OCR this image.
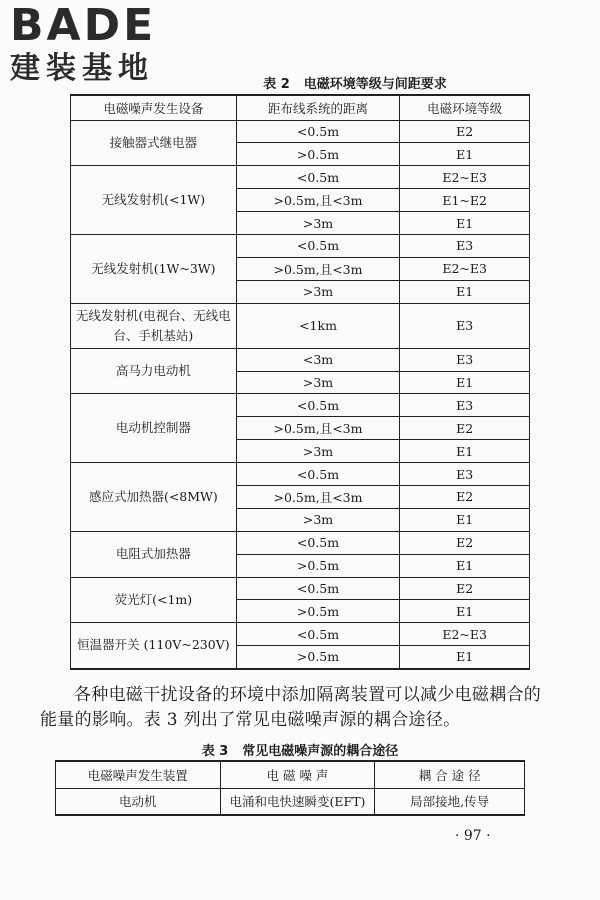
BADE
建装基地	表 2 电磁环境等级与间距要求
电磁噪声发生设备	距布线系统的距离	电磁环境等级
接触器式继电器	<0.5m	E2
	>0.5m	E1
无线发射机(<1W)	<0.5m	E2~E3
	>0.5m,且<3m	E1~E2
	>3m	E1
无线发射机(1W~3W)	<0.5m	E3
	>0.5m,且<3m	E2~E3
	>3m	E1
无线发射机(电视台、无线电台、手机基站)	<1km	E3
高马力电动机	<3m	E3
	>3m	E1
电动机控制器	<0.5m	E3
	>0.5m,且<3m	E2
	>3m	E1
感应式加热器(<8MW)	<0.5m	E3
	>0.5m,且<3m	E2
	>3m	E1
电阻式加热器	<0.5m	E2
	>0.5m	E1
荧光灯(<1m)	<0.5m	E2
	>0.5m	E1
恒温器开关 (110V~230V)	<0.5m	E2~E3
	>0.5m	E1
各种电磁干扰设备的环境中添加隔离装置可以减少电磁耦合的能量的影响。表 3 列出了常见电磁噪声源的耦合途径。
表 3 常见电磁噪声源的耦合途径
电磁噪声发生装置	电 磁 噪 声	耦 合 途 径
电动机	电涌和电快速瞬变(EFT)	局部接地,传导
· 97 ·
